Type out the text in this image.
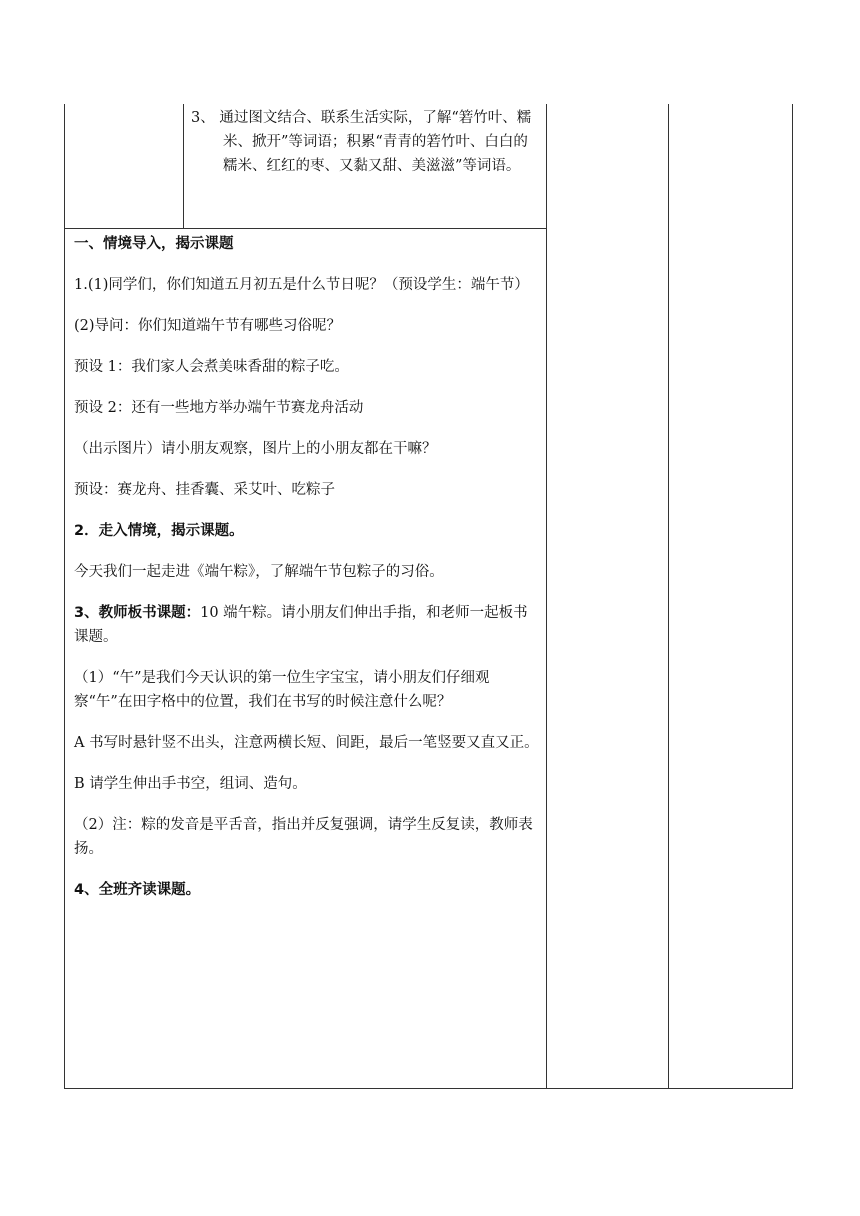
3、 通过图文结合、联系生活实际，了解“箬竹叶、糯米、掀开”等词语；积累“青青的箬竹叶、白白的糯米、红红的枣、又黏又甜、美滋滋”等词语。

一、情境导入，揭示课题

1.(1)同学们，你们知道五月初五是什么节日呢？（预设学生：端午节）

(2)导问：你们知道端午节有哪些习俗呢？

预设 1：我们家人会煮美味香甜的粽子吃。

预设 2：还有一些地方举办端午节赛龙舟活动

（出示图片）请小朋友观察，图片上的小朋友都在干嘛？

预设：赛龙舟、挂香囊、采艾叶、吃粽子

2．走入情境，揭示课题。

今天我们一起走进《端午粽》，了解端午节包粽子的习俗。

3、教师板书课题：10 端午粽。请小朋友们伸出手指，和老师一起板书课题。

（1）“午”是我们今天认识的第一位生字宝宝，请小朋友们仔细观察“午”在田字格中的位置，我们在书写的时候注意什么呢？

A 书写时悬针竖不出头，注意两横长短、间距，最后一笔竖要又直又正。

B 请学生伸出手书空，组词、造句。

（2）注：粽的发音是平舌音，指出并反复强调，请学生反复读，教师表扬。

4、全班齐读课题。
